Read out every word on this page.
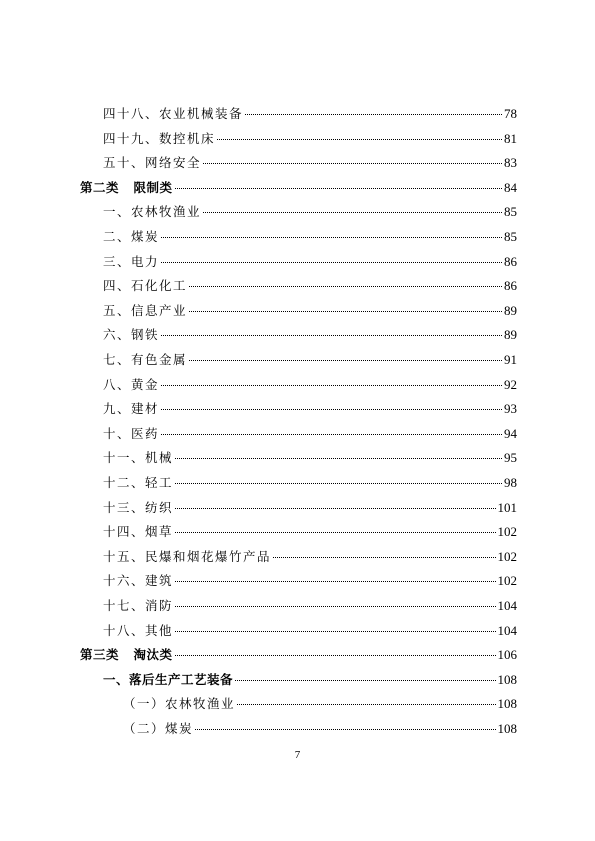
四十八、农业机械装备	78
四十九、数控机床	81
五十、网络安全	83
第二类   限制类	84
一、农林牧渔业	85
二、煤炭	85
三、电力	86
四、石化化工	86
五、信息产业	89
六、钢铁	89
七、有色金属	91
八、黄金	92
九、建材	93
十、医药	94
十一、机械	95
十二、轻工	98
十三、纺织	101
十四、烟草	102
十五、民爆和烟花爆竹产品	102
十六、建筑	102
十七、消防	104
十八、其他	104
第三类   淘汰类	106
一、落后生产工艺装备	108
（一）农林牧渔业	108
（二）煤炭	108
7
